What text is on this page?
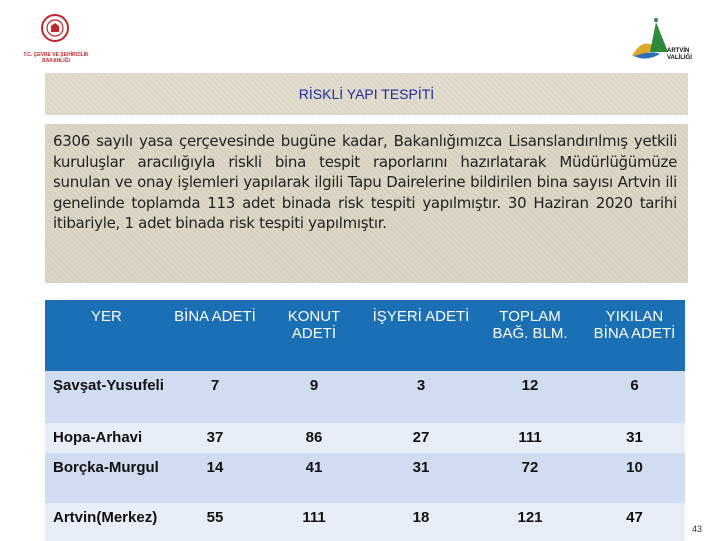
T.C. ÇEVRE VE ŞEHİRCİLİK BAKANLIĞI
ARTVİN VALİLİĞİ
RİSKLİ YAPI TESPİTİ
6306 sayılı yasa çerçevesinde bugüne kadar, Bakanlığımızca Lisanslandırılmış yetkili kuruluşlar aracılığıyla riskli bina tespit raporlarını hazırlatarak Müdürlüğümüze sunulan ve onay işlemleri yapılarak ilgili Tapu Dairelerine bildirilen bina sayısı Artvin ili genelinde toplamda 113 adet binada risk tespiti yapılmıştır. 30 Haziran 2020 tarihi itibariyle, 1 adet binada risk tespiti yapılmıştır.
YER	BİNA ADETİ	KONUT ADETİ	İŞYERİ ADETİ	TOPLAM BAĞ. BLM.	YIKILAN BİNA ADETİ
Şavşat-Yusufeli	7	9	3	12	6
Hopa-Arhavi	37	86	27	111	31
Borçka-Murgul	14	41	31	72	10
Artvin(Merkez)	55	111	18	121	47
43
